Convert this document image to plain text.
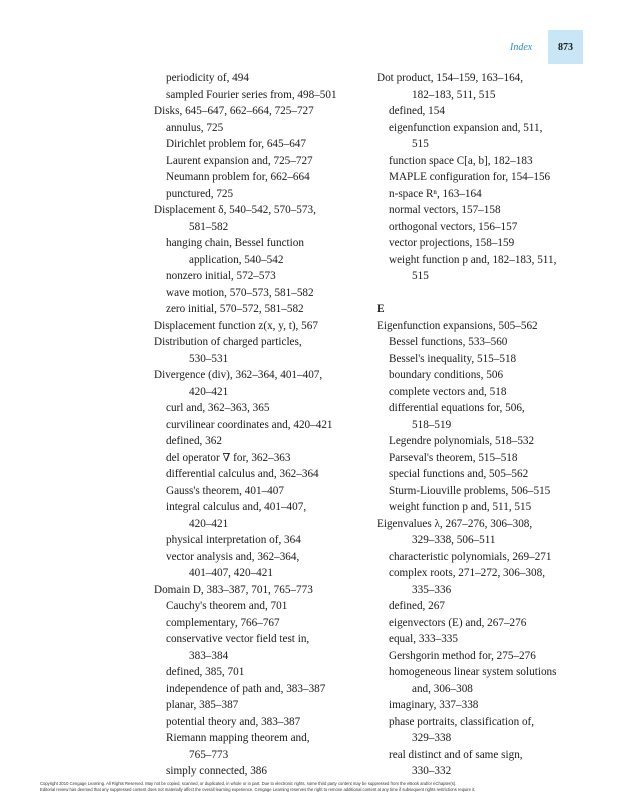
Index	873
periodicity of, 494
sampled Fourier series from, 498–501
Disks, 645–647, 662–664, 725–727
annulus, 725
Dirichlet problem for, 645–647
Laurent expansion and, 725–727
Neumann problem for, 662–664
punctured, 725
Displacement δ, 540–542, 570–573,
581–582
hanging chain, Bessel function
application, 540–542
nonzero initial, 572–573
wave motion, 570–573, 581–582
zero initial, 570–572, 581–582
Displacement function z(x, y, t), 567
Distribution of charged particles,
530–531
Divergence (div), 362–364, 401–407,
420–421
curl and, 362–363, 365
curvilinear coordinates and, 420–421
defined, 362
del operator ∇ for, 362–363
differential calculus and, 362–364
Gauss's theorem, 401–407
integral calculus and, 401–407,
420–421
physical interpretation of, 364
vector analysis and, 362–364,
401–407, 420–421
Domain D, 383–387, 701, 765–773
Cauchy's theorem and, 701
complementary, 766–767
conservative vector field test in,
383–384
defined, 385, 701
independence of path and, 383–387
planar, 385–387
potential theory and, 383–387
Riemann mapping theorem and,
765–773
simply connected, 386
Dot product, 154–159, 163–164,
182–183, 511, 515
defined, 154
eigenfunction expansion and, 511,
515
function space C[a, b], 182–183
MAPLE configuration for, 154–156
n-space Rⁿ, 163–164
normal vectors, 157–158
orthogonal vectors, 156–157
vector projections, 158–159
weight function p and, 182–183, 511,
515
E
Eigenfunction expansions, 505–562
Bessel functions, 533–560
Bessel's inequality, 515–518
boundary conditions, 506
complete vectors and, 518
differential equations for, 506,
518–519
Legendre polynomials, 518–532
Parseval's theorem, 515–518
special functions and, 505–562
Sturm-Liouville problems, 506–515
weight function p and, 511, 515
Eigenvalues λ, 267–276, 306–308,
329–338, 506–511
characteristic polynomials, 269–271
complex roots, 271–272, 306–308,
335–336
defined, 267
eigenvectors (E) and, 267–276
equal, 333–335
Gershgorin method for, 275–276
homogeneous linear system solutions
and, 306–308
imaginary, 337–338
phase portraits, classification of,
329–338
real distinct and of same sign,
330–332
Copyright 2010 Cengage Learning. All Rights Reserved. May not be copied, scanned, or duplicated, in whole or in part. Due to electronic rights, some third party content may be suppressed from the eBook and/or eChapter(s).
Editorial review has deemed that any suppressed content does not materially affect the overall learning experience. Cengage Learning reserves the right to remove additional content at any time if subsequent rights restrictions require it.
